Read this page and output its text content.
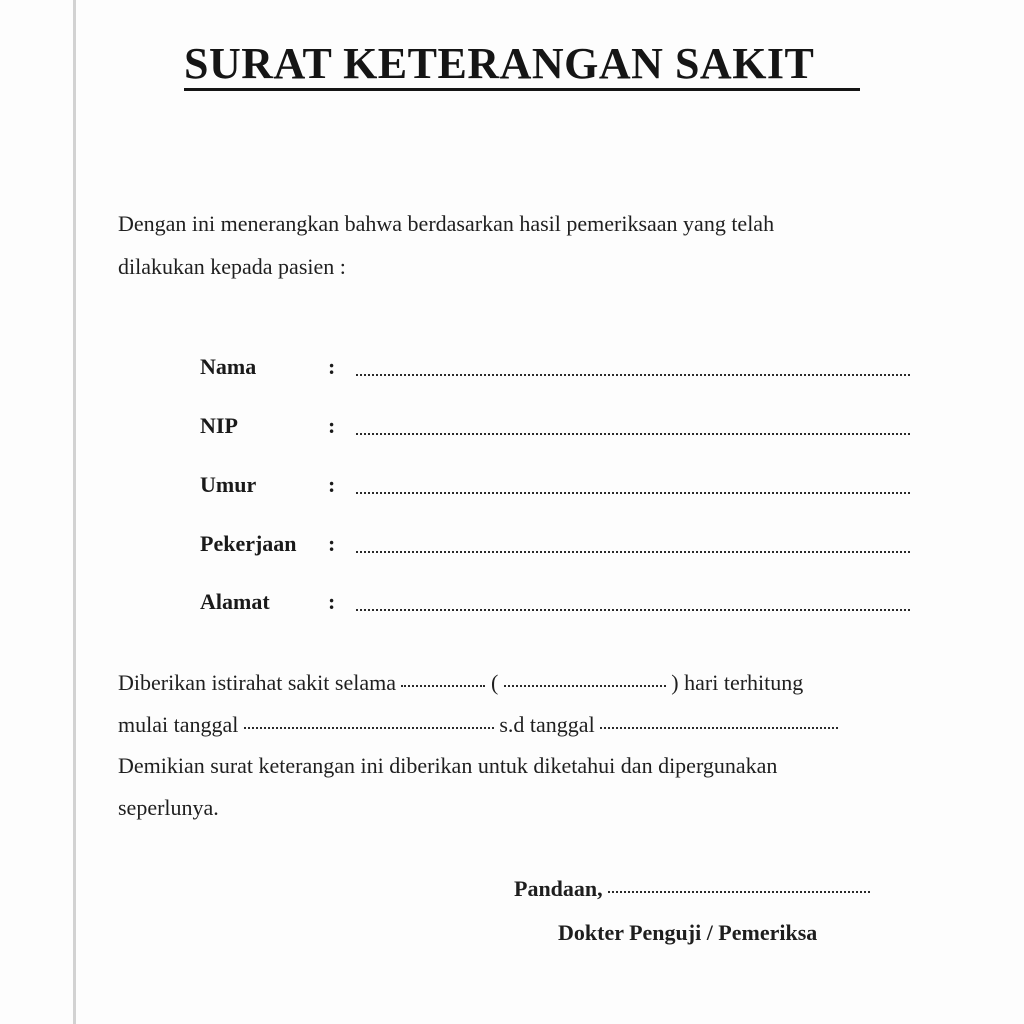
SURAT KETERANGAN SAKIT
Dengan ini menerangkan bahwa berdasarkan hasil pemeriksaan yang telah
dilakukan kepada pasien :
Nama	:
NIP	:
Umur	:
Pekerjaan :
Alamat	:
Diberikan istirahat sakit selama	(	) hari terhitung
mulai tanggal	s.d tanggal
Demikian surat keterangan ini diberikan untuk diketahui dan dipergunakan
seperlunya.
Pandaan,
Dokter Penguji / Pemeriksa
